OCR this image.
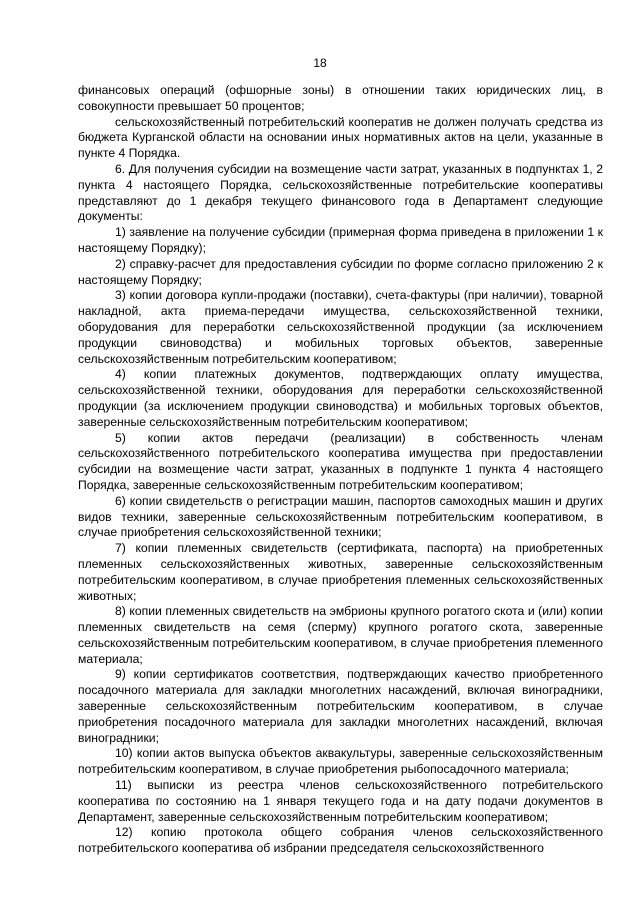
18

финансовых операций (офшорные зоны) в отношении таких юридических лиц, в совокупности превышает 50 процентов;

сельскохозяйственный потребительский кооператив не должен получать средства из бюджета Курганской области на основании иных нормативных актов на цели, указанные в пункте 4 Порядка.

6. Для получения субсидии на возмещение части затрат, указанных в подпунктах 1, 2 пункта 4 настоящего Порядка, сельскохозяйственные потребительские кооперативы представляют до 1 декабря текущего финансового года в Департамент следующие документы:

1) заявление на получение субсидии (примерная форма приведена в приложении 1 к настоящему Порядку);

2) справку-расчет для предоставления субсидии по форме согласно приложению 2 к настоящему Порядку;

3) копии договора купли-продажи (поставки), счета-фактуры (при наличии), товарной накладной, акта приема-передачи имущества, сельскохозяйственной техники, оборудования для переработки сельскохозяйственной продукции (за исключением продукции свиноводства) и мобильных торговых объектов, заверенные сельскохозяйственным потребительским кооперативом;

4) копии платежных документов, подтверждающих оплату имущества, сельскохозяйственной техники, оборудования для переработки сельскохозяйственной продукции (за исключением продукции свиноводства) и мобильных торговых объектов, заверенные сельскохозяйственным потребительским кооперативом;

5) копии актов передачи (реализации) в собственность членам сельскохозяйственного потребительского кооператива имущества при предоставлении субсидии на возмещение части затрат, указанных в подпункте 1 пункта 4 настоящего Порядка, заверенные сельскохозяйственным потребительским кооперативом;

6) копии свидетельств о регистрации машин, паспортов самоходных машин и других видов техники, заверенные сельскохозяйственным потребительским кооперативом, в случае приобретения сельскохозяйственной техники;

7) копии племенных свидетельств (сертификата, паспорта) на приобретенных племенных сельскохозяйственных животных, заверенные сельскохозяйственным потребительским кооперативом, в случае приобретения племенных сельскохозяйственных животных;

8) копии племенных свидетельств на эмбрионы крупного рогатого скота и (или) копии племенных свидетельств на семя (сперму) крупного рогатого скота, заверенные сельскохозяйственным потребительским кооперативом, в случае приобретения племенного материала;

9) копии сертификатов соответствия, подтверждающих качество приобретенного посадочного материала для закладки многолетних насаждений, включая виноградники, заверенные сельскохозяйственным потребительским кооперативом, в случае приобретения посадочного материала для закладки многолетних насаждений, включая виноградники;

10) копии актов выпуска объектов аквакультуры, заверенные сельскохозяйственным потребительским кооперативом, в случае приобретения рыбопосадочного материала;

11) выписки из реестра членов сельскохозяйственного потребительского кооператива по состоянию на 1 января текущего года и на дату подачи документов в Департамент, заверенные сельскохозяйственным потребительским кооперативом;

12) копию протокола общего собрания членов сельскохозяйственного потребительского кооператива об избрании председателя сельскохозяйственного
